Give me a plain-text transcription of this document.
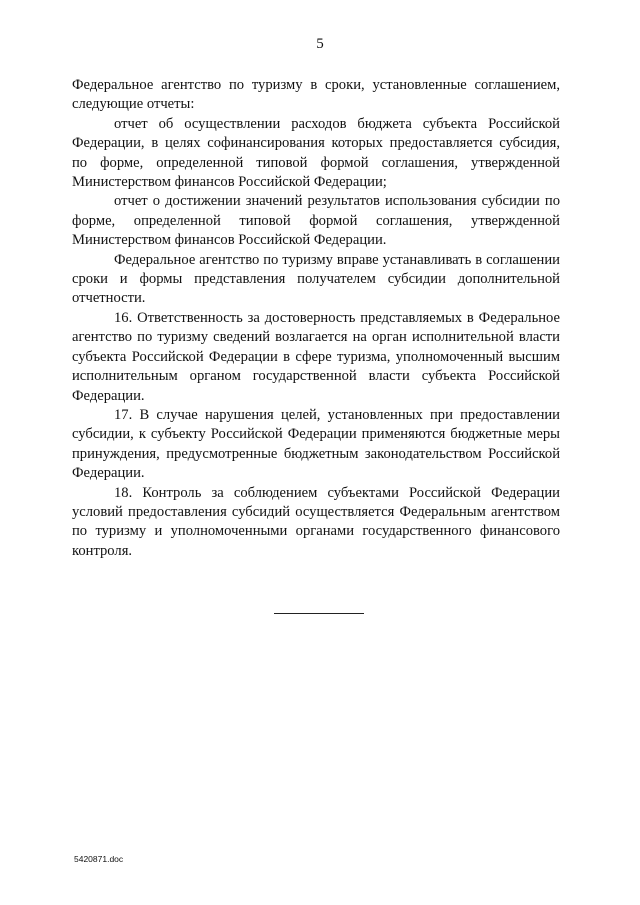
5

Федеральное агентство по туризму в сроки, установленные соглашением, следующие отчеты:

отчет об осуществлении расходов бюджета субъекта Российской Федерации, в целях софинансирования которых предоставляется субсидия, по форме, определенной типовой формой соглашения, утвержденной Министерством финансов Российской Федерации;

отчет о достижении значений результатов использования субсидии по форме, определенной типовой формой соглашения, утвержденной Министерством финансов Российской Федерации.

Федеральное агентство по туризму вправе устанавливать в соглашении сроки и формы представления получателем субсидии дополнительной отчетности.

16. Ответственность за достоверность представляемых в Федеральное агентство по туризму сведений возлагается на орган исполнительной власти субъекта Российской Федерации в сфере туризма, уполномоченный высшим исполнительным органом государственной власти субъекта Российской Федерации.

17. В случае нарушения целей, установленных при предоставлении субсидии, к субъекту Российской Федерации применяются бюджетные меры принуждения, предусмотренные бюджетным законодательством Российской Федерации.

18. Контроль за соблюдением субъектами Российской Федерации условий предоставления субсидий осуществляется Федеральным агентством по туризму и уполномоченными органами государственного финансового контроля.

5420871.doc
